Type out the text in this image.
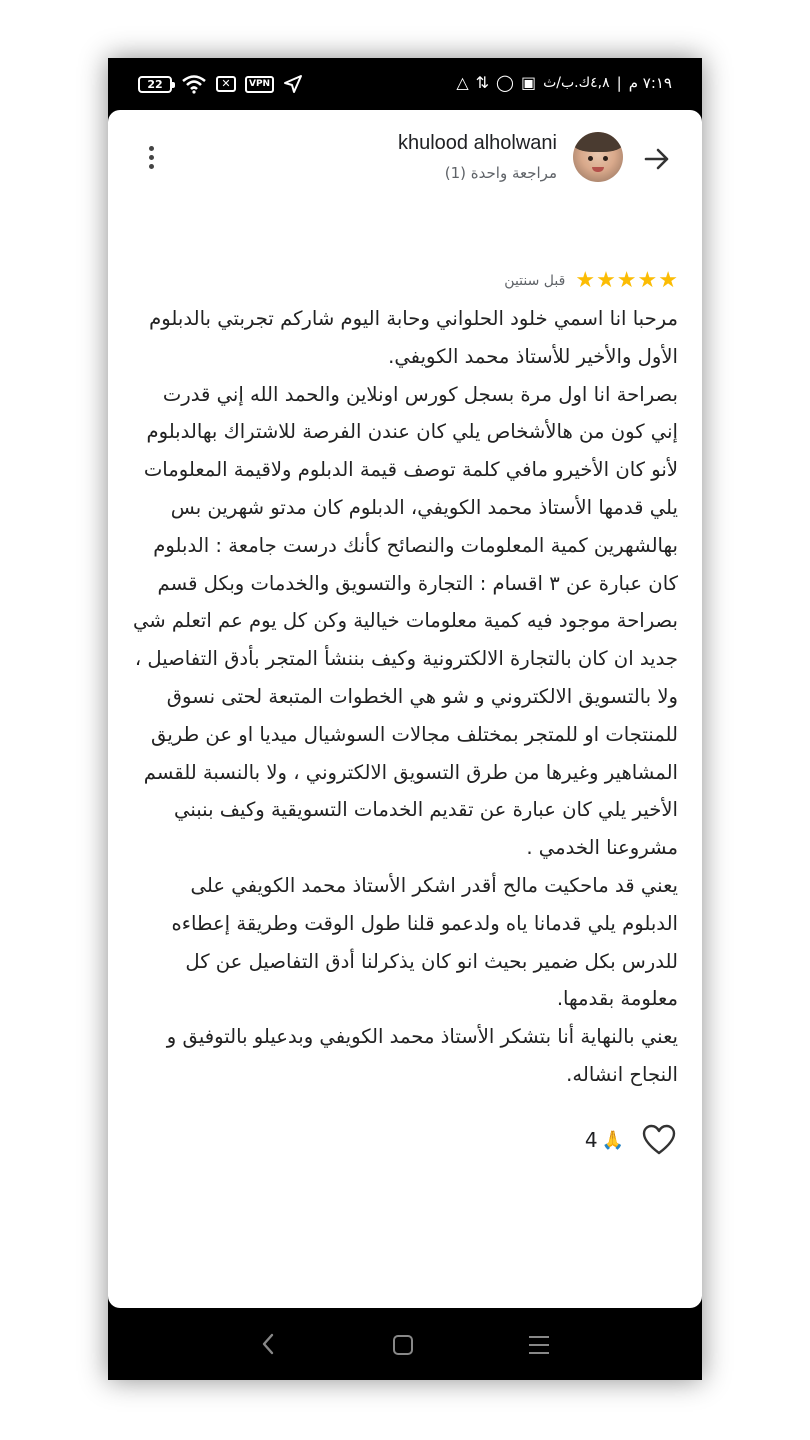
22	✕	VPN	△ ⇅ ◯ ▣ ٤,٨ك.ب/ث | ٧:١٩ م
khulood alholwani
مراجعة واحدة (1)
★ ★ ★ ★ ★
قبل سنتين

مرحبا انا اسمي خلود الحلواني وحابة اليوم شاركم تجربتي بالدبلوم الأول والأخير للأستاذ محمد الكويفي.

بصراحة انا اول مرة بسجل كورس اونلاين والحمد الله إني قدرت إني كون من هالأشخاص يلي كان عندن الفرصة للاشتراك بهالدبلوم لأنو كان الأخيرو مافي كلمة توصف قيمة الدبلوم ولاقيمة المعلومات يلي قدمها الأستاذ محمد الكويفي، الدبلوم كان مدتو شهرين بس بهالشهرين كمية المعلومات والنصائح كأنك درست جامعة : الدبلوم كان عبارة عن ٣ اقسام : التجارة والتسويق والخدمات وبكل قسم بصراحة موجود فيه كمية معلومات خيالية وكن كل يوم عم اتعلم شي جديد ان كان بالتجارة الالكترونية وكيف بننشأ المتجر بأدق التفاصيل ، ولا بالتسويق الالكتروني و شو هي الخطوات المتبعة لحتى نسوق للمنتجات او للمتجر بمختلف مجالات السوشيال ميديا او عن طريق المشاهير وغيرها من طرق التسويق الالكتروني ، ولا بالنسبة للقسم الأخير يلي كان عبارة عن تقديم الخدمات التسويقية وكيف بنبني مشروعنا الخدمي .

يعني قد ماحكيت مالح أقدر اشكر الأستاذ محمد الكويفي على الدبلوم يلي قدمانا ياه ولدعمو قلنا طول الوقت وطريقة إعطاءه للدرس بكل ضمير بحيث انو كان يذكرلنا أدق التفاصيل عن كل معلومة بقدمها.

يعني بالنهاية أنا بتشكر الأستاذ محمد الكويفي وبدعيلو بالتوفيق و النجاح انشاله.

4 🙏
